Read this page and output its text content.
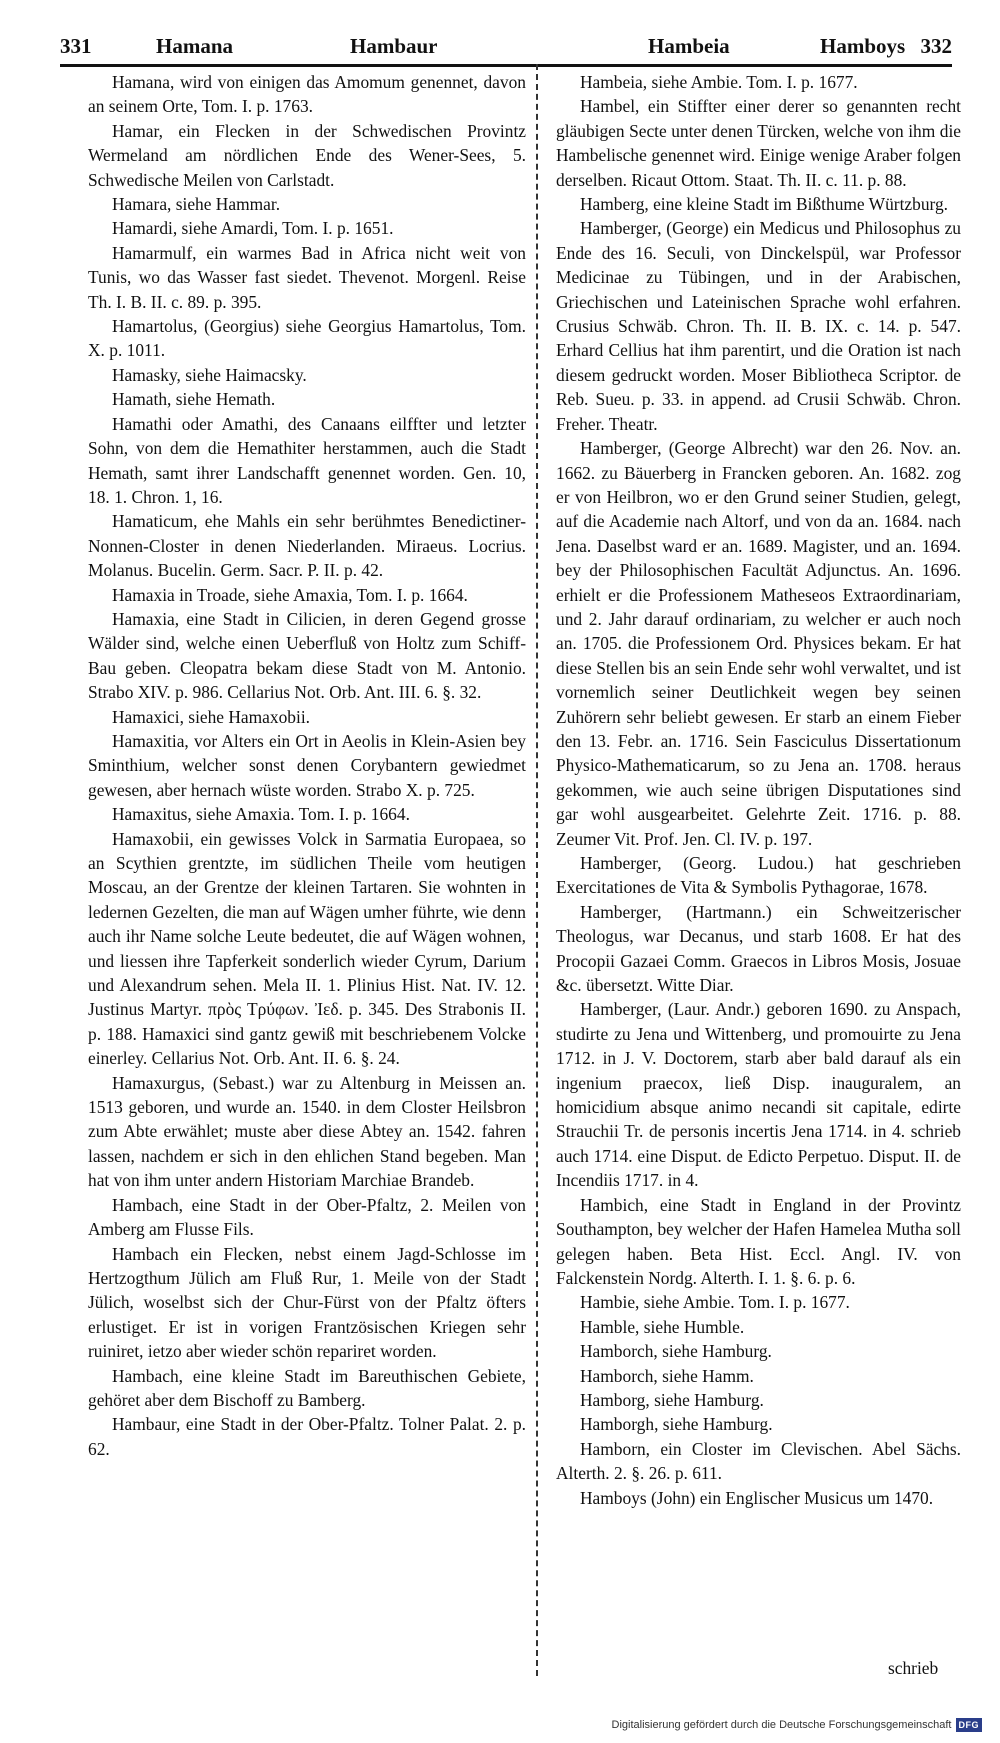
331	Hamana	Hambaur	Hambeia	Hamboys 332

Hamana, wird von einigen das Amomum genennet, davon an seinem Orte, Tom. I. p. 1763.

Hamar, ein Flecken in der Schwedischen Provintz Wermeland am nördlichen Ende des Wener-Sees, 5. Schwedische Meilen von Carlstadt.

Hamara, siehe Hammar.

Hamardi, siehe Amardi, Tom. I. p. 1651.

Hamarmulf, ein warmes Bad in Africa nicht weit von Tunis, wo das Wasser fast siedet. Thevenot. Morgenl. Reise Th. I. B. II. c. 89. p. 395.

Hamartolus, (Georgius) siehe Georgius Hamartolus, Tom. X. p. 1011.

Hamasky, siehe Haimacsky.

Hamath, siehe Hemath.

Hamathi oder Amathi, des Canaans eilffter und letzter Sohn, von dem die Hemathiter herstammen, auch die Stadt Hemath, samt ihrer Landschafft genennet worden. Gen. 10, 18. 1. Chron. 1, 16.

Hamaticum, ehe Mahls ein sehr berühmtes Benedictiner-Nonnen-Closter in denen Niederlanden. Miraeus. Locrius. Molanus. Bucelin. Germ. Sacr. P. II. p. 42.

Hamaxia in Troade, siehe Amaxia, Tom. I. p. 1664.

Hamaxia, eine Stadt in Cilicien, in deren Gegend grosse Wälder sind, welche einen Ueberfluß von Holtz zum Schiff-Bau geben. Cleopatra bekam diese Stadt von M. Antonio. Strabo XIV. p. 986. Cellarius Not. Orb. Ant. III. 6. §. 32.

Hamaxici, siehe Hamaxobii.

Hamaxitia, vor Alters ein Ort in Aeolis in Klein-Asien bey Sminthium, welcher sonst denen Corybantern gewiedmet gewesen, aber hernach wüste worden. Strabo X. p. 725.

Hamaxitus, siehe Amaxia. Tom. I. p. 1664.

Hamaxobii, ein gewisses Volck in Sarmatia Europaea, so an Scythien grentzte, im südlichen Theile vom heutigen Moscau, an der Grentze der kleinen Tartaren. Sie wohnten in ledernen Gezelten, die man auf Wägen umher führte, wie denn auch ihr Name solche Leute bedeutet, die auf Wägen wohnen, und liessen ihre Tapferkeit sonderlich wieder Cyrum, Darium und Alexandrum sehen. Mela II. 1. Plinius Hist. Nat. IV. 12. Justinus Martyr. πρὸς Τρύφων. Ἰεδ. p. 345. Des Strabonis II. p. 188. Hamaxici sind gantz gewiß mit beschriebenem Volcke einerley. Cellarius Not. Orb. Ant. II. 6. §. 24.

Hamaxurgus, (Sebast.) war zu Altenburg in Meissen an. 1513 geboren, und wurde an. 1540. in dem Closter Heilsbron zum Abte erwählet; muste aber diese Abtey an. 1542. fahren lassen, nachdem er sich in den ehlichen Stand begeben. Man hat von ihm unter andern Historiam Marchiae Brandeb.

Hambach, eine Stadt in der Ober-Pfaltz, 2. Meilen von Amberg am Flusse Fils.

Hambach ein Flecken, nebst einem Jagd-Schlosse im Hertzogthum Jülich am Fluß Rur, 1. Meile von der Stadt Jülich, woselbst sich der Chur-Fürst von der Pfaltz öfters erlustiget. Er ist in vorigen Frantzösischen Kriegen sehr ruiniret, ietzo aber wieder schön repariret worden.

Hambach, eine kleine Stadt im Bareuthischen Gebiete, gehöret aber dem Bischoff zu Bamberg.

Hambaur, eine Stadt in der Ober-Pfaltz. Tolner Palat. 2. p. 62.

Hambeia, siehe Ambie. Tom. I. p. 1677.

Hambel, ein Stiffter einer derer so genannten recht gläubigen Secte unter denen Türcken, welche von ihm die Hambelische genennet wird. Einige wenige Araber folgen derselben. Ricaut Ottom. Staat. Th. II. c. 11. p. 88.

Hamberg, eine kleine Stadt im Bißthume Würtzburg.

Hamberger, (George) ein Medicus und Philosophus zu Ende des 16. Seculi, von Dinckelspül, war Professor Medicinae zu Tübingen, und in der Arabischen, Griechischen und Lateinischen Sprache wohl erfahren. Crusius Schwäb. Chron. Th. II. B. IX. c. 14. p. 547. Erhard Cellius hat ihm parentirt, und die Oration ist nach diesem gedruckt worden. Moser Bibliotheca Scriptor. de Reb. Sueu. p. 33. in append. ad Crusii Schwäb. Chron. Freher. Theatr.

Hamberger, (George Albrecht) war den 26. Nov. an. 1662. zu Bäuerberg in Francken geboren. An. 1682. zog er von Heilbron, wo er den Grund seiner Studien, gelegt, auf die Academie nach Altorf, und von da an. 1684. nach Jena. Daselbst ward er an. 1689. Magister, und an. 1694. bey der Philosophischen Facultät Adjunctus. An. 1696. erhielt er die Professionem Matheseos Extraordinariam, und 2. Jahr darauf ordinariam, zu welcher er auch noch an. 1705. die Professionem Ord. Physices bekam. Er hat diese Stellen bis an sein Ende sehr wohl verwaltet, und ist vornemlich seiner Deutlichkeit wegen bey seinen Zuhörern sehr beliebt gewesen. Er starb an einem Fieber den 13. Febr. an. 1716. Sein Fasciculus Dissertationum Physico-Mathematicarum, so zu Jena an. 1708. heraus gekommen, wie auch seine übrigen Disputationes sind gar wohl ausgearbeitet. Gelehrte Zeit. 1716. p. 88. Zeumer Vit. Prof. Jen. Cl. IV. p. 197.

Hamberger, (Georg. Ludou.) hat geschrieben Exercitationes de Vita & Symbolis Pythagorae, 1678.

Hamberger, (Hartmann.) ein Schweitzerischer Theologus, war Decanus, und starb 1608. Er hat des Procopii Gazaei Comm. Graecos in Libros Mosis, Josuae &c. übersetzt. Witte Diar.

Hamberger, (Laur. Andr.) geboren 1690. zu Anspach, studirte zu Jena und Wittenberg, und promouirte zu Jena 1712. in J. V. Doctorem, starb aber bald darauf als ein ingenium praecox, ließ Disp. inauguralem, an homicidium absque animo necandi sit capitale, edirte Strauchii Tr. de personis incertis Jena 1714. in 4. schrieb auch 1714. eine Disput. de Edicto Perpetuo. Disput. II. de Incendiis 1717. in 4.

Hambich, eine Stadt in England in der Provintz Southampton, bey welcher der Hafen Hamelea Mutha soll gelegen haben. Beta Hist. Eccl. Angl. IV. von Falckenstein Nordg. Alterth. I. 1. §. 6. p. 6.

Hambie, siehe Ambie. Tom. I. p. 1677.

Hamble, siehe Humble.

Hamborch, siehe Hamburg.

Hamborch, siehe Hamm.

Hamborg, siehe Hamburg.

Hamborgh, siehe Hamburg.

Hamborn, ein Closter im Clevischen. Abel Sächs. Alterth. 2. §. 26. p. 611.

Hamboys (John) ein Englischer Musicus um 1470.

schrieb
Digitalisierung gefördert durch die Deutsche Forschungsgemeinschaft DFG
